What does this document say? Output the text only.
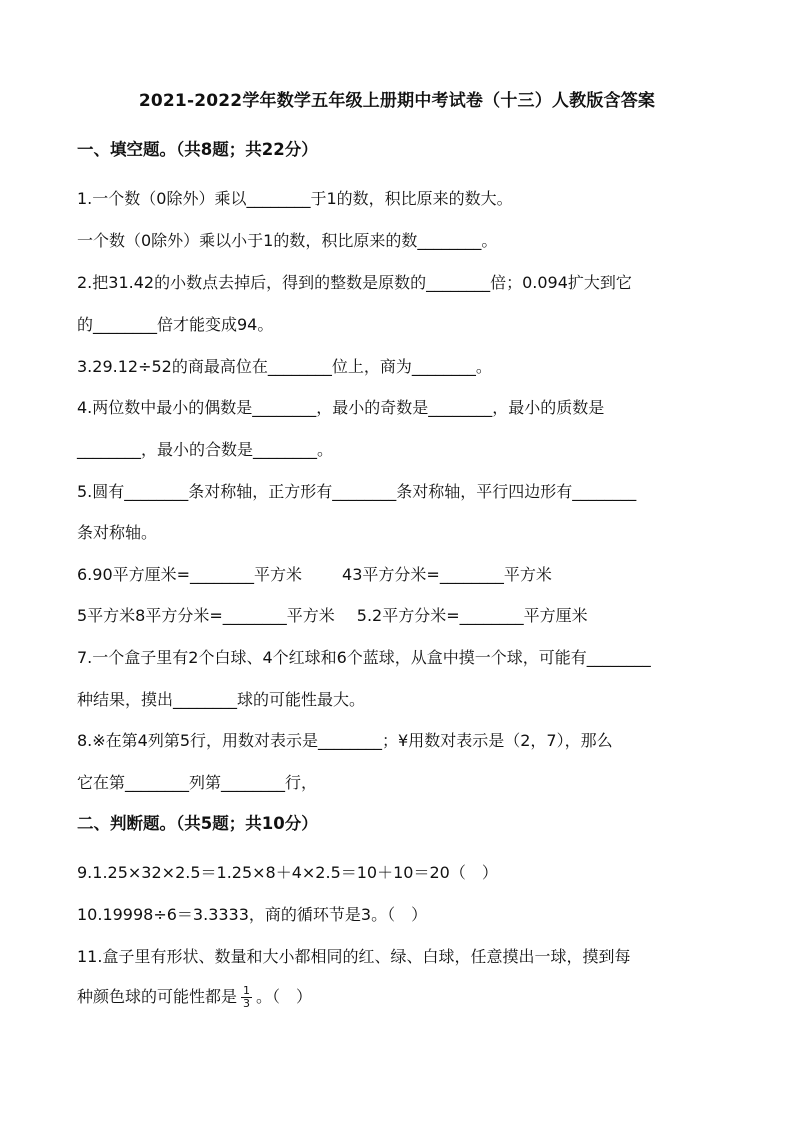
2021-2022学年数学五年级上册期中考试卷（十三）人教版含答案
一、填空题。（共8题；共22分）
1.一个数（0除外）乘以________于1的数，积比原来的数大。
一个数（0除外）乘以小于1的数，积比原来的数________。
2.把31.42的小数点去掉后，得到的整数是原数的________倍；0.094扩大到它
的________倍才能变成94。
3.29.12÷52的商最高位在________位上，商为________。
4.两位数中最小的偶数是________，最小的奇数是________，最小的质数是
________，最小的合数是________。
5.圆有________条对称轴，正方形有________条对称轴，平行四边形有________
条对称轴。
6.90平方厘米=________平方米	43平方分米=________平方米
5平方米8平方分米=________平方米 5.2平方分米=________平方厘米
7.一个盒子里有2个白球、4个红球和6个蓝球，从盒中摸一个球，可能有________
种结果，摸出________球的可能性最大。
8.※在第4列第5行，用数对表示是________；¥用数对表示是（2，7），那么
它在第________列第________行，
二、判断题。（共5题；共10分）
9.1.25×32×2.5＝1.25×8＋4×2.5＝10＋10＝20（　）
10.19998÷6＝3.3333，商的循环节是3。（　）
11.盒子里有形状、数量和大小都相同的红、绿、白球，任意摸出一球，摸到每
种颜色球的可能性都是 $\frac{1}{3}$ 。（　）
